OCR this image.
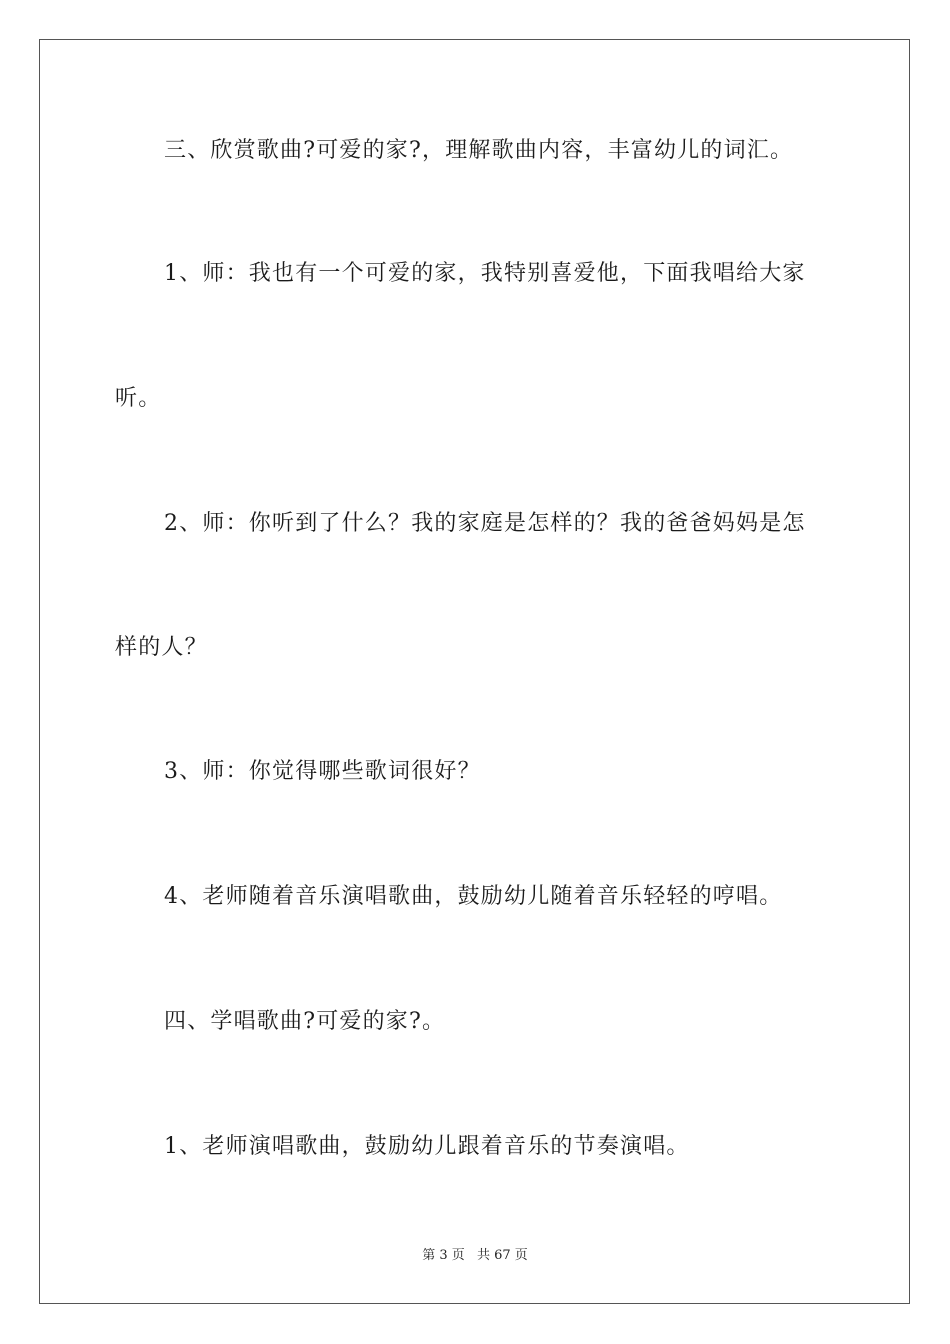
三、欣赏歌曲?可爱的家?，理解歌曲内容，丰富幼儿的词汇。
1、师：我也有一个可爱的家，我特别喜爱他，下面我唱给大家
听。
2、师：你听到了什么？我的家庭是怎样的？我的爸爸妈妈是怎
样的人？
3、师：你觉得哪些歌词很好？
4、老师随着音乐演唱歌曲，鼓励幼儿随着音乐轻轻的哼唱。
四、学唱歌曲?可爱的家?。
1、老师演唱歌曲，鼓励幼儿跟着音乐的节奏演唱。
第 3 页 共 67 页
